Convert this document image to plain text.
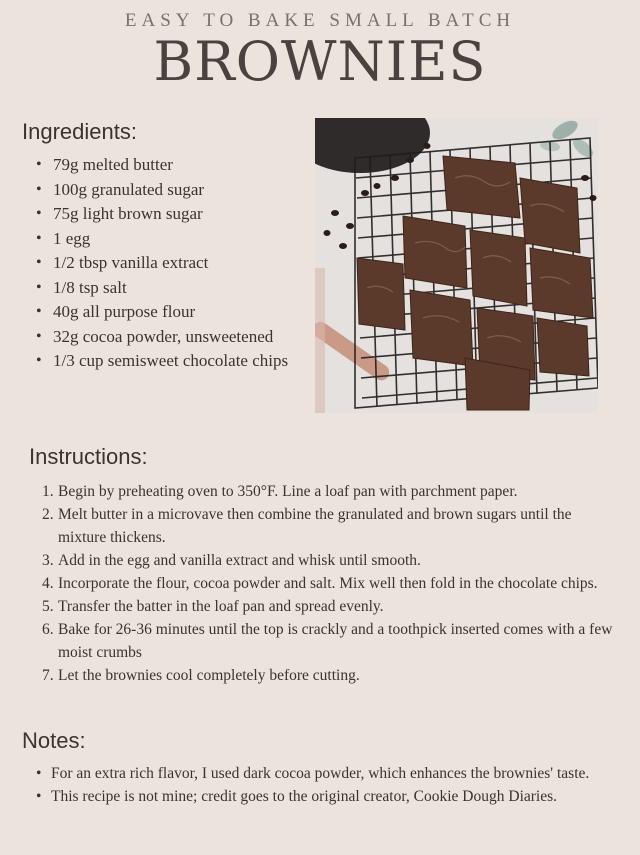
EASY TO BAKE SMALL BATCH
BROWNIES
Ingredients:
• 79g melted butter
• 100g granulated sugar
• 75g light brown sugar
• 1 egg
• 1/2 tbsp vanilla extract
• 1/8 tsp salt
• 40g all purpose flour
• 32g cocoa powder, unsweetened
• 1/3 cup semisweet chocolate chips
Instructions:
1. Begin by preheating oven to 350°F. Line a loaf pan with parchment paper.
2. Melt butter in a microvave then combine the granulated and brown sugars until the mixture thickens.
3. Add in the egg and vanilla extract and whisk until smooth.
4. Incorporate the flour, cocoa powder and salt. Mix well then fold in the chocolate chips.
5. Transfer the batter in the loaf pan and spread evenly.
6. Bake for 26-36 minutes until the top is crackly and a toothpick inserted comes with a few moist crumbs
7. Let the brownies cool completely before cutting.
Notes:
• For an extra rich flavor, I used dark cocoa powder, which enhances the brownies' taste.
• This recipe is not mine; credit goes to the original creator, Cookie Dough Diaries.
